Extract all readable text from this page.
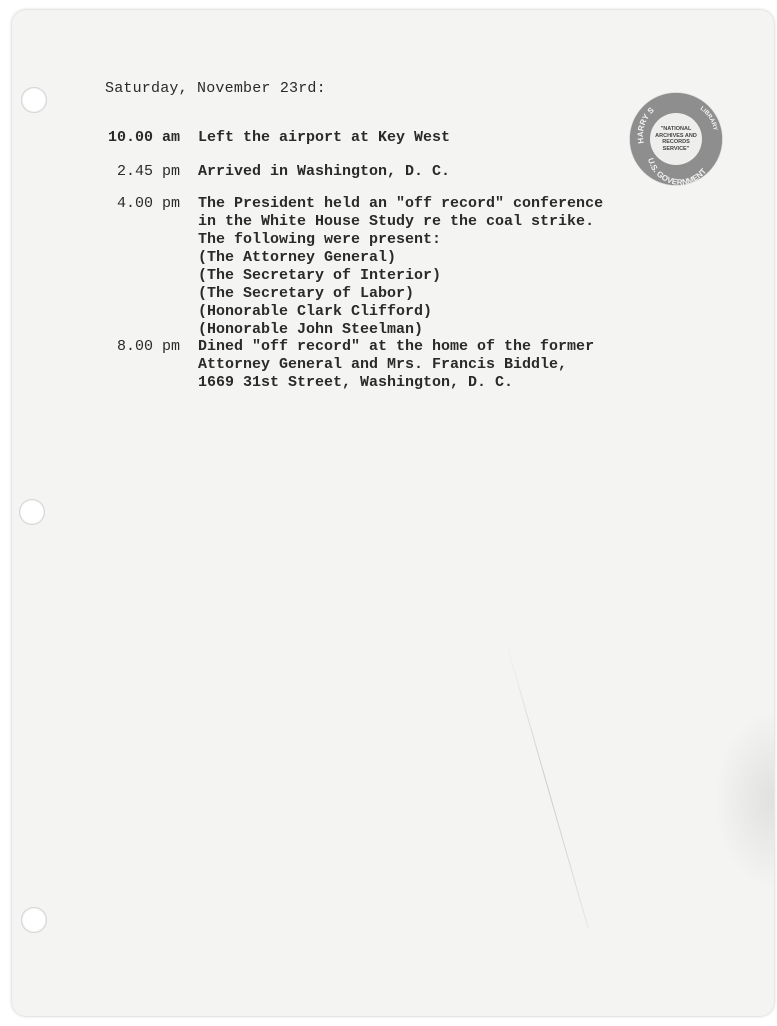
Saturday, November 23rd:

10.00 am	Left the airport at Key West
2.45 pm	Arrived in Washington, D. C.
4.00 pm	The President held an "off record" conference
in the White House Study re the coal strike.
The following were present:
(The Attorney General)
(The Secretary of Interior)
(The Secretary of Labor)
(Honorable Clark Clifford)
(Honorable John Steelman)
8.00 pm	Dined "off record" at the home of the former
Attorney General and Mrs. Francis Biddle,
1669 31st Street, Washington, D. C.
HARRY S
U.S. GOVERNMENT
LIBRARY
"NATIONAL
ARCHIVES AND
RECORDS
SERVICE"
